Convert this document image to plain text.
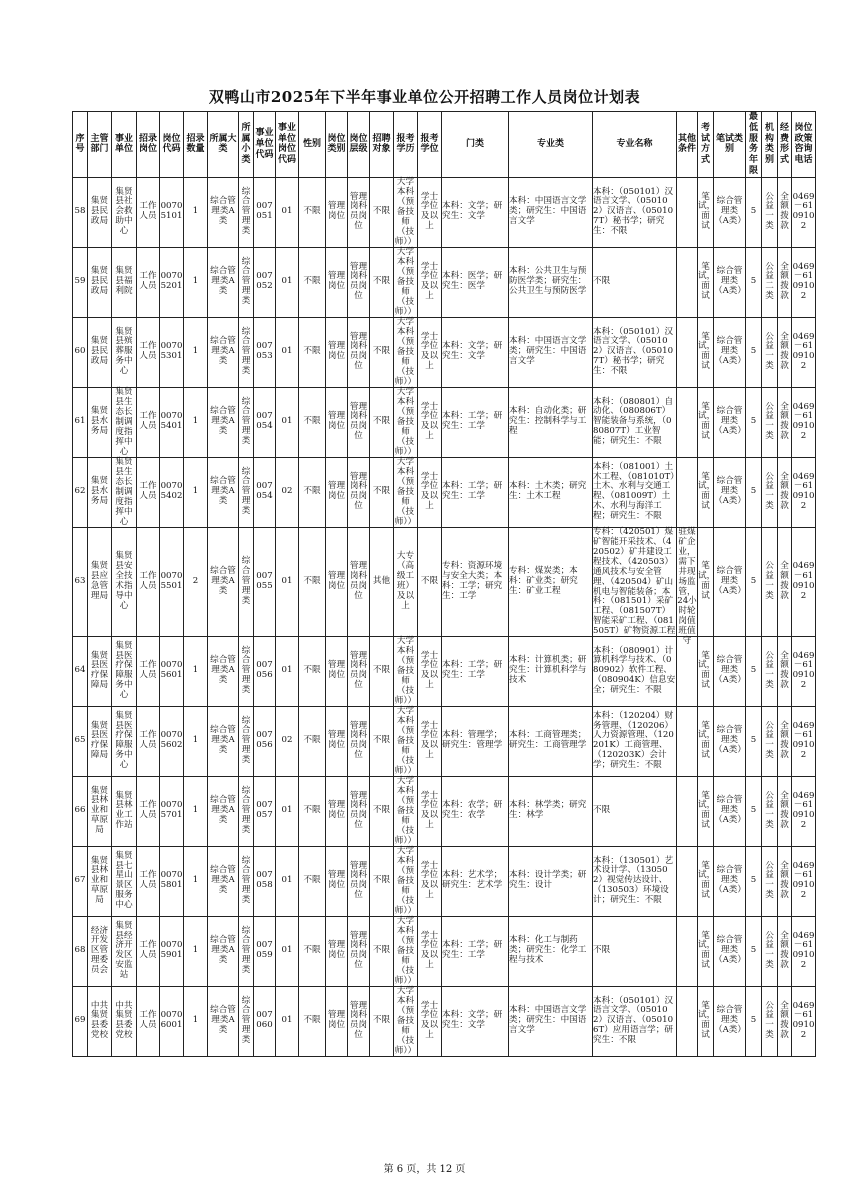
双鸭山市2025年下半年事业单位公开招聘工作人员岗位计划表
序号	主管部门	事业单位	招录岗位	岗位代码	招录数量	所属大类	所属小类	事业单位代码	事业单位岗位代码	性别	岗位类别	岗位层级	招聘对象	报考学历	报考学位	门类	专业类	专业名称	其他条件	考试方式	笔试类别	最低服务年限	机构类别	经费形式	岗位政策咨询电话

58	集贤县民政局	集贤县社会救助中心	工作人员	00705101	1	综合管理类A类	综合管理类	007051	01	不限	管理岗位	管理岗科员岗位	不限	大学本科（预备技师（技师））	学士学位及以上	本科：文学；研究生：文学	本科：中国语言文学类；研究生：中国语言文学	本科：（050101）汉语言文学、（050102）汉语言、（050107T）秘书学；研究生：不限		笔试，面试	综合管理类（A类）	5	公益一类	全额拨款	0469－6109102

59	集贤县民政局	集贤县福利院	工作人员	00705201	1	综合管理类A类	综合管理类	007052	01	不限	管理岗位	管理岗科员岗位	不限	大学本科（预备技师（技师））	学士学位及以上	本科：医学；研究生：医学	本科：公共卫生与预防医学类；研究生：公共卫生与预防医学	不限		笔试，面试	综合管理类（A类）	5	公益二类	全额拨款	0469－6109102

60	集贤县民政局	集贤县殡葬服务中心	工作人员	00705301	1	综合管理类A类	综合管理类	007053	01	不限	管理岗位	管理岗科员岗位	不限	大学本科（预备技师（技师））	学士学位及以上	本科：文学；研究生：文学	本科：中国语言文学类；研究生：中国语言文学	本科：（050101）汉语言文学、（050102）汉语言、（050107T）秘书学；研究生：不限		笔试，面试	综合管理类（A类）	5	公益一类	全额拨款	0469－6109102

61	集贤县水务局	集贤县生态长制调度指挥中心	工作人员	00705401	1	综合管理类A类	综合管理类	007054	01	不限	管理岗位	管理岗科员岗位	不限	大学本科（预备技师（技师））	学士学位及以上	本科：工学；研究生：工学	本科：自动化类；研究生：控制科学与工程	本科：（080801）自动化、（080806T）智能装备与系统，（080807T）工业智能；研究生：不限		笔试，面试	综合管理类（A类）	5	公益一类	全额拨款	0469－6109102

62	集贤县水务局	集贤县生态长制调度指挥中心	工作人员	00705402	1	综合管理类A类	综合管理类	007054	02	不限	管理岗位	管理岗科员岗位	不限	大学本科（预备技师（技师））	学士学位及以上	本科：工学；研究生：工学	本科：土木类；研究生：土木工程	本科：（081001）土木工程、（081010T）土木、水利与交通工程、（081009T）土木、水利与海洋工程；研究生：不限		笔试，面试	综合管理类（A类）	5	公益一类	全额拨款	0469－6109102

63	集贤县应急管理局	集贤县安全技术指导中心	工作人员	00705501	2	综合管理类A类	综合管理类	007055	01	不限	管理岗位	管理岗科员岗位	其他	大专（高级工班）及以上	不限	专科：资源环境与安全大类；本科：工学；研究生：工学	专科：煤炭类；本科：矿业类；研究生：矿业工程	专科：（420501）煤矿智能开采技术、（420502）矿井建设工程技术、（420503）通风技术与安全管理、（420504）矿山机电与智能装备；本科：（081501）采矿工程、（081507T）智能采矿工程、（081505T）矿物资源工程	驻煤矿企业，需下井现场监管，24小时轮岗值班值守	笔试，面试	综合管理类（A类）	5	公益一类	全额拨款	0469－6109102

64	集贤县医疗保障局	集贤县医疗保障服务中心	工作人员	00705601	1	综合管理类A类	综合管理类	007056	01	不限	管理岗位	管理岗科员岗位	不限	大学本科（预备技师（技师））	学士学位及以上	本科：工学；研究生：工学	本科：计算机类；研究生：计算机科学与技术	本科：（080901）计算机科学与技术、（080902）软件工程、（080904K）信息安全；研究生：不限		笔试，面试	综合管理类（A类）	5	公益一类	全额拨款	0469－6109102

65	集贤县医疗保障局	集贤县医疗保障服务中心	工作人员	00705602	1	综合管理类A类	综合管理类	007056	02	不限	管理岗位	管理岗科员岗位	不限	大学本科（预备技师（技师））	学士学位及以上	本科：管理学；研究生：管理学	本科：工商管理类；研究生：工商管理学	本科：（120204）财务管理、（120206）人力资源管理、（120201K）工商管理、（120203K）会计学；研究生：不限		笔试，面试	综合管理类（A类）	5	公益一类	全额拨款	0469－6109102

66	集贤县林业和草原局	集贤县林业工作站	工作人员	00705701	1	综合管理类A类	综合管理类	007057	01	不限	管理岗位	管理岗科员岗位	不限	大学本科（预备技师（技师））	学士学位及以上	本科：农学；研究生：农学	本科：林学类；研究生：林学	不限		笔试，面试	综合管理类（A类）	5	公益一类	全额拨款	0469－6109102

67	集贤县林业和草原局	集贤县七星山景区服务中心	工作人员	00705801	1	综合管理类A类	综合管理类	007058	01	不限	管理岗位	管理岗科员岗位	不限	大学本科（预备技师（技师））	学士学位及以上	本科：艺术学；研究生：艺术学	本科：设计学类；研究生：设计	本科：（130501）艺术设计学、（130502）视觉传达设计、（130503）环境设计；研究生：不限		笔试，面试	综合管理类（A类）	5	公益一类	全额拨款	0469－6109102

68	经济开发区管理委员会	集贤县经济开发区安监站	工作人员	00705901	1	综合管理类A类	综合管理类	007059	01	不限	管理岗位	管理岗科员岗位	不限	大学本科（预备技师（技师））	学士学位及以上	本科：工学；研究生：工学	本科：化工与制药类；研究生：化学工程与技术	不限		笔试，面试	综合管理类（A类）	5	公益一类	全额拨款	0469－6109102

69	中共集贤县委党校	中共集贤县委党校	工作人员	00706001	1	综合管理类A类	综合管理类	007060	01	不限	管理岗位	管理岗科员岗位	不限	大学本科（预备技师（技师））	学士学位及以上	本科：文学；研究生：文学	本科：中国语言文学类；研究生：中国语言文学	本科：（050101）汉语言文学、（050102）汉语言、（050106T）应用语言学；研究生：不限		笔试，面试	综合管理类（A类）	5	公益一类	全额拨款	0469－6109102
第 6 页，共 12 页
